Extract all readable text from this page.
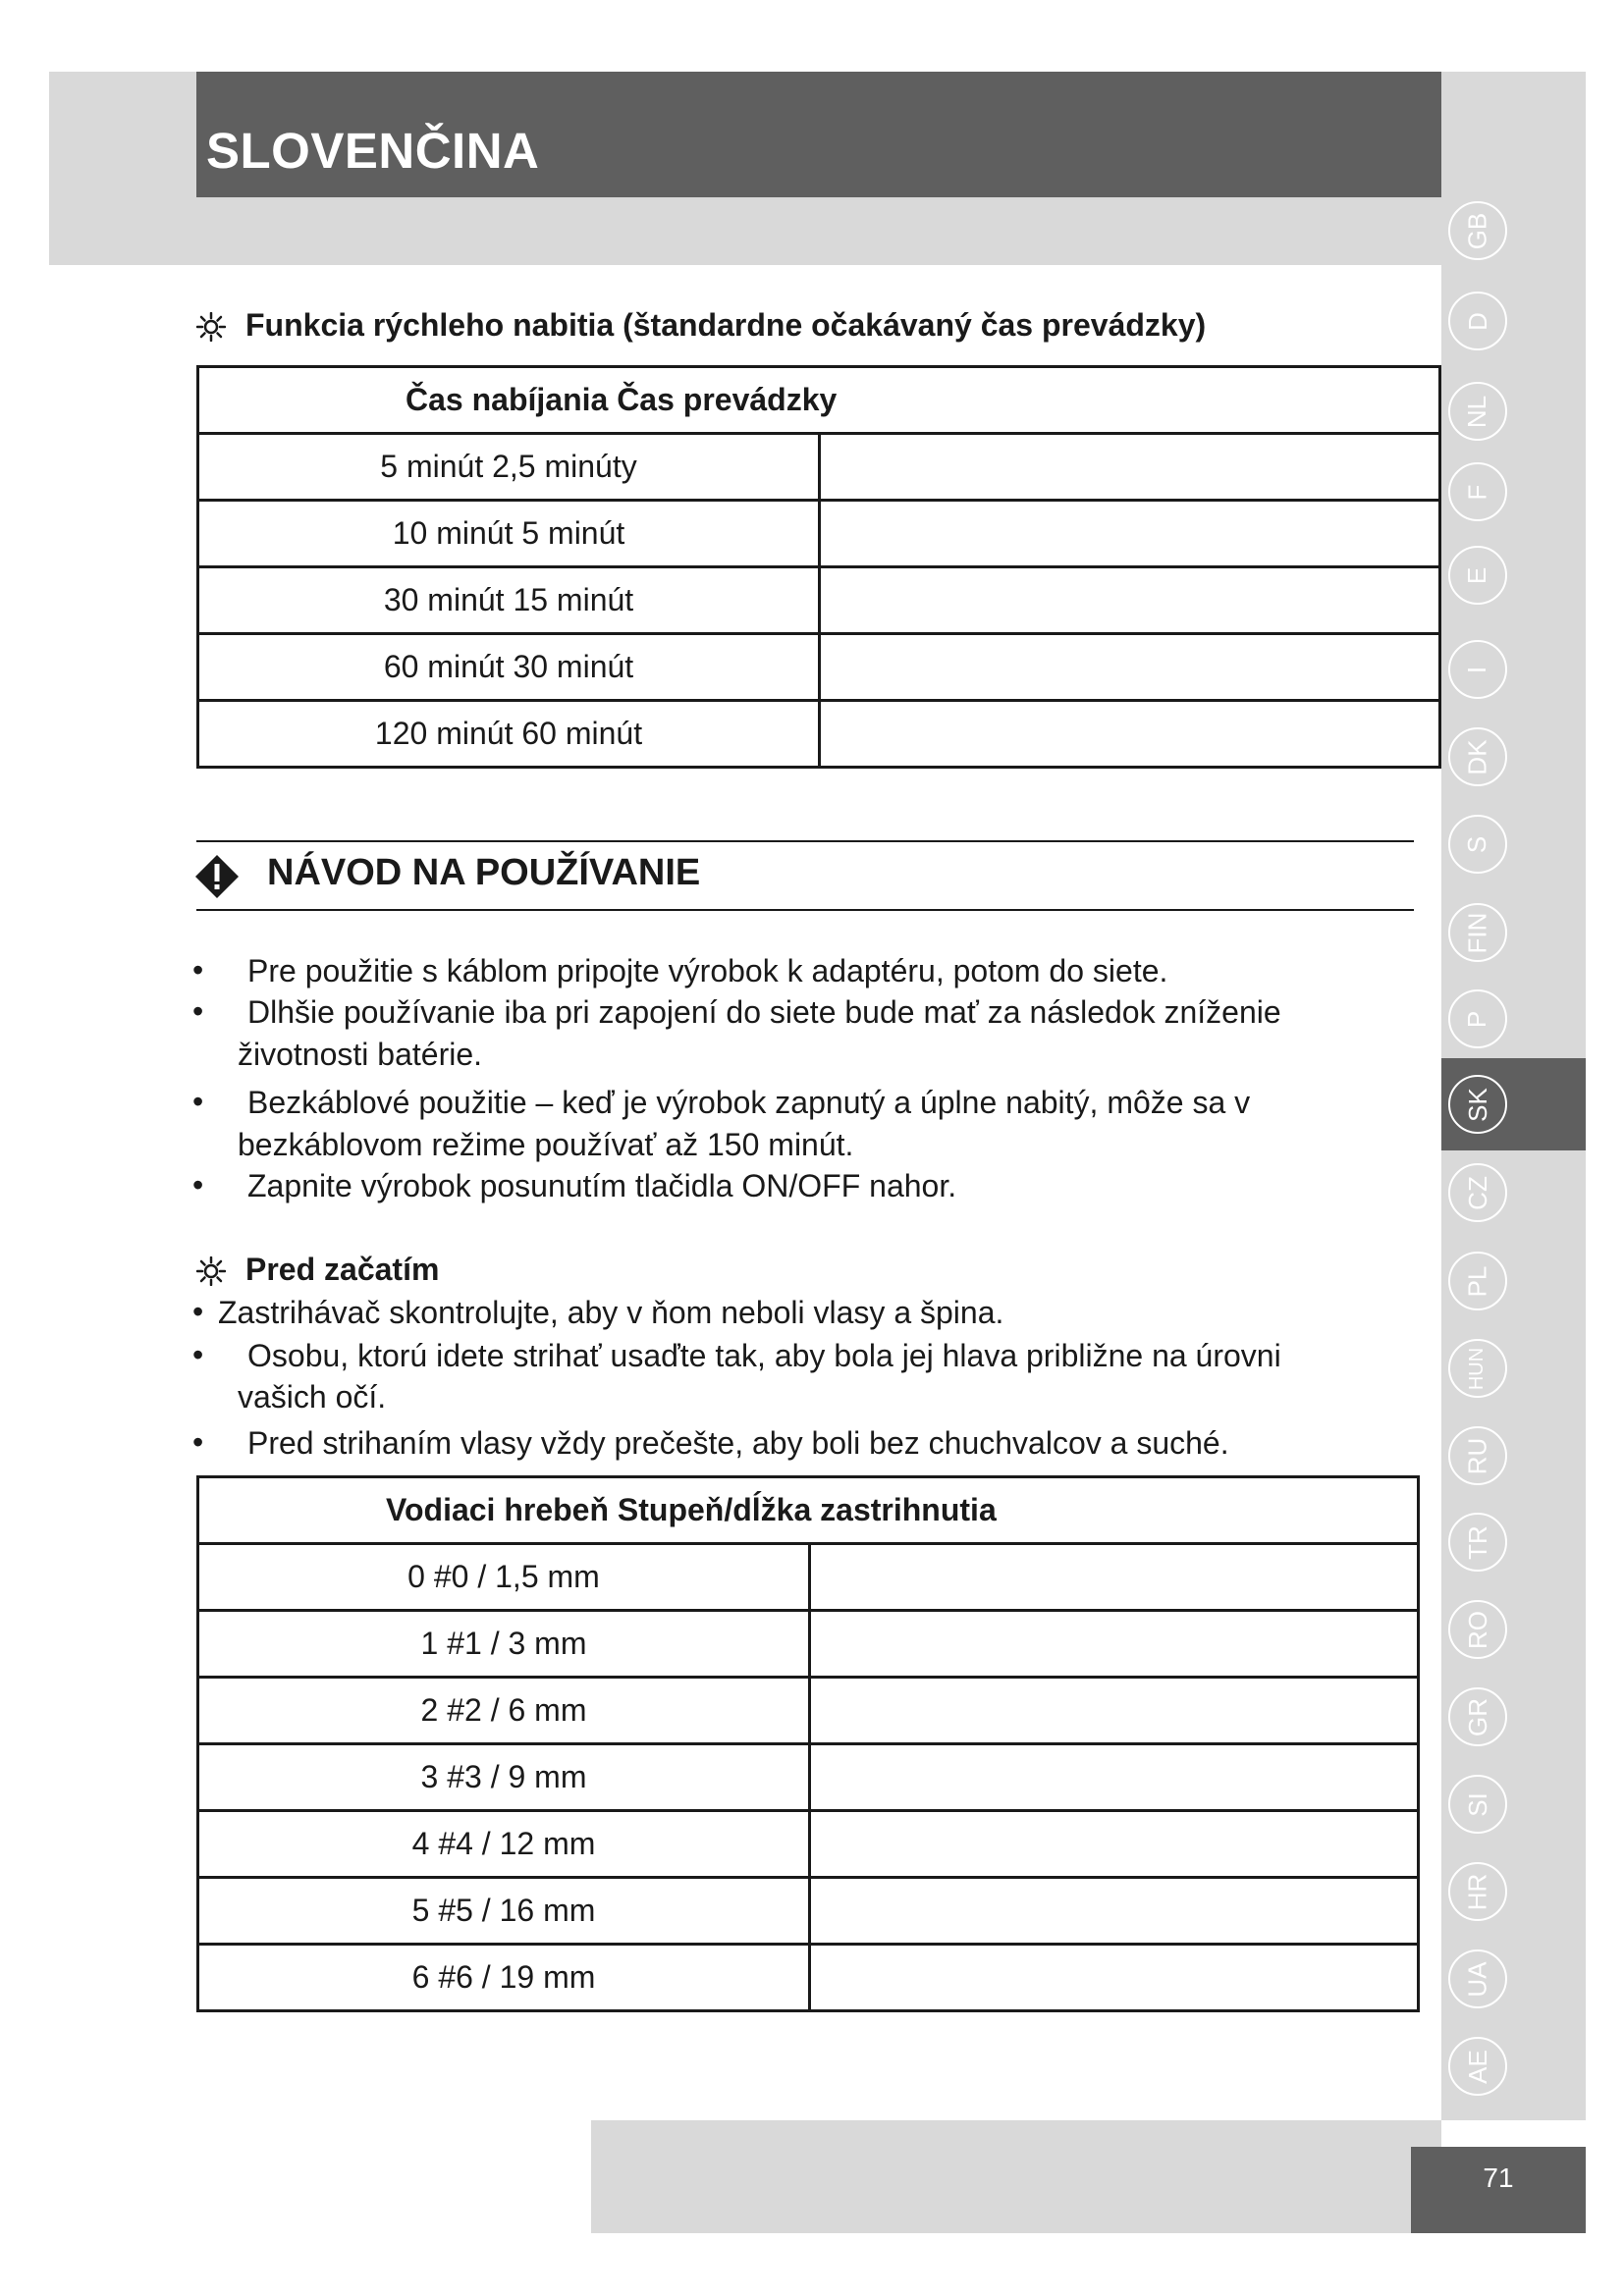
SLOVENČINA
GB
D
NL
F
E
I
DK
S
FIN
P
SK
CZ
PL
HUN
RU
TR
RO
GR
SI
HR
UA
AE
Funkcia rýchleho nabitia (štandardne očakávaný čas prevádzky)
Čas nabíjania Čas prevádzky	

5 minút 2,5 minúty	

10 minút 5 minút	

30 minút 15 minút	

60 minút 30 minút	

120 minút 60 minút	

NÁVOD NA POUŽÍVANIE
• Pre použitie s káblom pripojte výrobok k adaptéru, potom do siete.
• Dlhšie používanie iba pri zapojení do siete bude mať za následok zníženie
životnosti batérie.
• Bezkáblové použitie – keď je výrobok zapnutý a úplne nabitý, môže sa v
bezkáblovom režime používať až 150 minút.
• Zapnite výrobok posunutím tlačidla ON/OFF nahor.
Pred začatím
• Zastrihávač skontrolujte, aby v ňom neboli vlasy a špina.
• Osobu, ktorú idete strihať usaďte tak, aby bola jej hlava približne na úrovni
vašich očí.
• Pred strihaním vlasy vždy prečešte, aby boli bez chuchvalcov a suché.
Vodiaci hrebeň Stupeň/dĺžka zastrihnutia	

0 #0 / 1,5 mm	

1 #1 / 3 mm	

2 #2 / 6 mm	

3 #3 / 9 mm	

4 #4 / 12 mm	

5 #5 / 16 mm	

6 #6 / 19 mm	

71
